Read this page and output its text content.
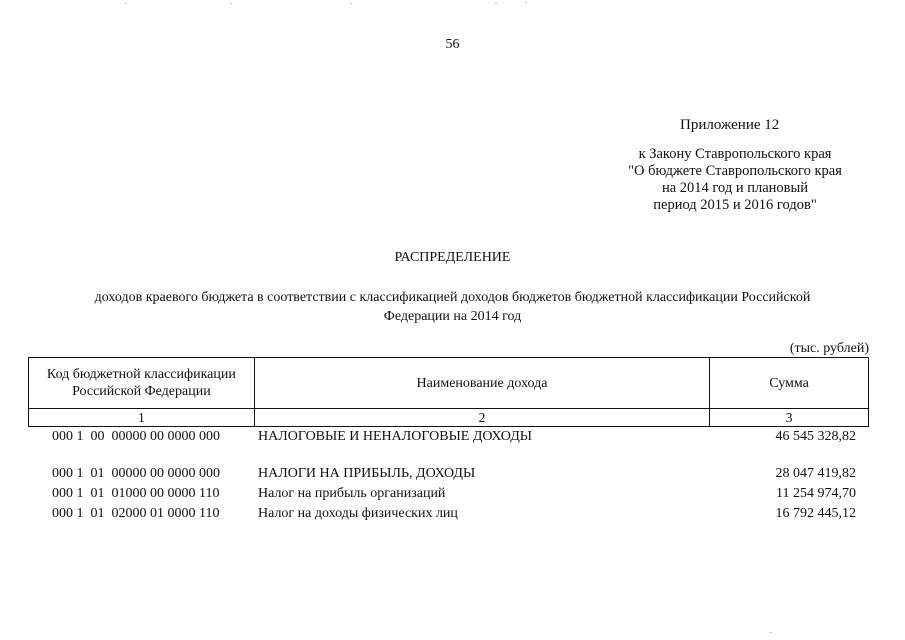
56
Приложение 12
к Закону Ставропольского края
"О бюджете Ставропольского края
на 2014 год и плановый
период 2015 и 2016 годов"
РАСПРЕДЕЛЕНИЕ
доходов краевого бюджета в соответствии с классификацией доходов бюджетов бюджетной классификации Российской
Федерации на 2014 год
(тыс. рублей)
Код бюджетной классификации
Российской Федерации	Наименование дохода	Сумма
1	2	3
000 1  00  00000 00 0000 000	НАЛОГОВЫЕ И НЕНАЛОГОВЫЕ ДОХОДЫ	46 545 328,82
000 1  01  00000 00 0000 000	НАЛОГИ НА ПРИБЫЛЬ, ДОХОДЫ	28 047 419,82
000 1  01  01000 00 0000 110	Налог на прибыль организаций	11 254 974,70
000 1  01  02000 01 0000 110	Налог на доходы физических лиц	16 792 445,12
